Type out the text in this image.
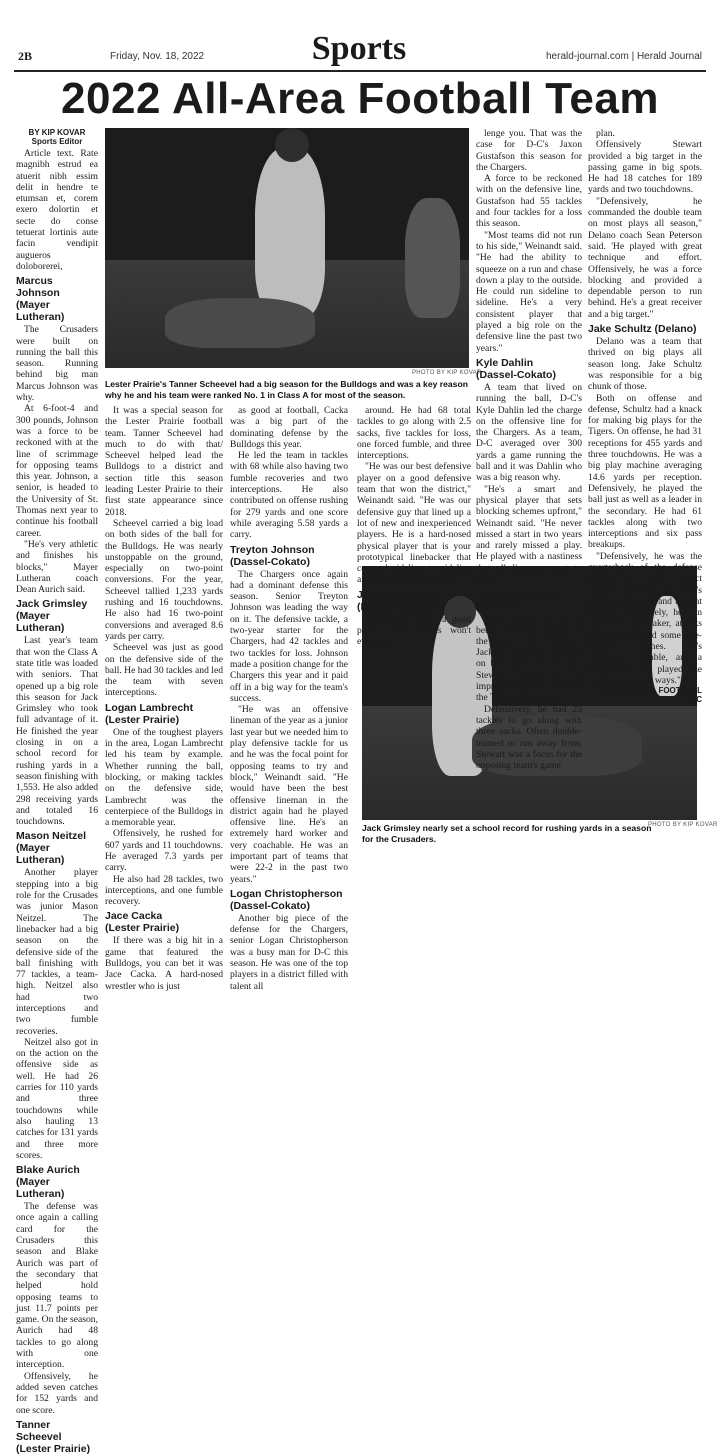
2B	Friday, Nov. 18, 2022	Sports	herald-journal.com | Herald Journal
2022 All-Area Football Team
PHOTO BY KIP KOVAR
Lester Prairie's Tanner Scheevel had a big season for the Bulldogs and was a key reason why he and his team were ranked No. 1 in Class A for most of the season.
PHOTO BY KIP KOVAR
Jack Grimsley nearly set a school record for rushing yards in a season for the Crusaders.

BY KIP KOVAR

Sports Editor

Article text. Rate magnibh estrud ea atuerit nibh essim delit in hendre te etumsan et, corem exero dolortin et secte do conse tetuerat lortinis aute facin vendipit augueros doloborerei,

Marcus Johnson
(Mayer Lutheran)

The Crusaders were built on running the ball this season. Running behind big man Marcus Johnson was why.

At 6-foot-4 and 300 pounds, Johnson was a force to be reckoned with at the line of scrimmage for opposing teams this year. Johnson, a senior, is headed to the University of St. Thomas next year to continue his football career.

"He's very athletic and finishes his blocks," Mayer Lutheran coach Dean Aurich said.

Jack Grimsley
(Mayer Lutheran)

Last year's team that won the Class A state title was loaded with seniors. That opened up a big role this season for Jack Grimsley who took full advantage of it. He finished the year closing in on a school record for rushing yards in a season finishing with 1,553. He also added 298 receiving yards and totaled 16 touchdowns.

Mason Neitzel
(Mayer Lutheran)

Another player stepping into a big role for the Crusades was junior Mason Neitzel. The linebacker had a big season on the defensive side of the ball finishing with 77 tackles, a team-high. Neitzel also had two interceptions and two fumble recoveries.

Neitzel also got in on the action on the offensive side as well. He had 26 carries for 110 yards and three touchdowns while also hauling 13 catches for 131 yards and three more scores.

Blake Aurich
(Mayer Lutheran)

The defense was once again a calling card for the Crusaders this season and Blake Aurich was part of the secondary that helped hold opposing teams to just 11.7 points per game. On the season, Aurich had 48 tackles to go along with one interception.

Offensively, he added seven catches for 152 yards and one score.

Tanner Scheevel
(Lester Prairie)

It was a special season for the Lester Prairie football team. Tanner Scheevel had much to do with that/ Scheevel helped lead the Bulldogs to a district and section title this season leading Lester Prairie to their first state appearance since 2018.

Scheevel carried a big load on both sides of the ball for the Bulldogs. He was nearly unstoppable on the ground, especially on two-point conversions. For the year, Scheevel tallied 1,233 yards rushing and 16 touchdowns. He also had 16 two-point conversions and averaged 8.6 yards per carry.

Scheevel was just as good on the defensive side of the ball. He had 30 tackles and led the team with seven interceptions.

Logan Lambrecht
(Lester Prairie)

One of the toughest players in the area, Logan Lambrecht led his team by example. Whether running the ball, blocking, or making tackles on the defensive side, Lambrecht was the centerpiece of the Bulldogs in a memorable year.

Offensively, he rushed for 607 yards and 11 touchdowns. He averaged 7.3 yards per carry.

He also had 28 tackles, two interceptions, and one fumble recovery.

Jace Cacka
(Lester Prairie)

If there was a big hit in a game that featured the Bulldogs, you can bet it was Jace Cacka. A hard-nosed wrestler who is just

as good at football, Cacka was a big part of the dominating defense by the Bulldogs this year.

He led the team in tackles with 68 while also having two fumble recoveries and two interceptions. He also contributed on offense rushing for 279 yards and one score while averaging 5.58 yards a carry.

Treyton Johnson
(Dassel-Cokato)

The Chargers once again had a dominant defense this season. Senior Treyton Johnson was leading the way on it. The defensive tackle, a two-year starter for the Chargers, had 42 tackles and two tackles for loss. Johnson made a position change for the Chargers this year and it paid off in a big way for the team's success.

"He was an offensive lineman of the year as a junior last year but we needed him to play defensive tackle for us and he was the focal point for opposing teams to try and block," Weinandt said. "He would have been the best offensive lineman in the district again had he played offensive line. He's an extremely hard worker and very coachable. He was an important part of teams that were 22-2 in the past two years."

Logan Christopherson
(Dassel-Cokato)

Another big piece of the defense for the Chargers, senior Logan Christopherson was a busy man for D-C this season. He was one of the top players in a district filled with talent all

around. He had 68 total tackles to go along with 2.5 sacks, five tackles for loss, one forced fumble, and three interceptions.

"He was our best defensive player on a good defensive team that won the district," Weinandt said. "He was our defensive guy that lined up a lot of new and inexperienced players. He is a hard-nosed physical player that is your prototypical linebacker that covered sideline to sideline and was in on most plays."

Jaxon Gustafson
(Dassel-Cokato)

You know you're a good player when teams won't even chal-

lenge you. That was the case for D-C's Jaxon Gustafson this season for the Chargers.

A force to be reckoned with on the defensive line, Gustafson had 55 tackles and four tackles for a loss this season.

"Most teams did not run to his side," Weinandt said. "He had the ability to squeeze on a run and chase down a play to the outside. He could run sideline to sideline. He's a very consistent player that played a big role on the defensive line the past two years."

Kyle Dahlin
(Dassel-Cokato)

A team that lived on running the ball, D-C's Kyle Dahlin led the charge on the offensive line for the Chargers. As a team, D-C averaged over 300 yards a game running the ball and it was Dahlin who was a big reason why.

"He's a smart and physical player that sets blocking schemes upfront," Weinandt said. "He never missed a start in two years and rarely missed a play. He played with a nastiness that all linemen want to have."

Jackson Stewart
(Delano)

There might not be a better two-way player in the area than Delano's Jackson Stewart. A force on both sides of the ball, Stewart turned in an impressive senior year for the Tigers this season.

Defensively, he had 23 tackles to go along with three sacks. Often double-teamed or run away from, Stewart was a focus for the opposing team's game

plan.

Offensively Stewart provided a big target in the passing game in big spots. He had 18 catches for 189 yards and two touchdowns.

"Defensively, he commanded the double team on most plays all season," Delano coach Sean Peterson said. 'He played with great technique and effort. Offensively, he was a force blocking and provided a dependable person to run behind. He's a great receiver and a big target."

Jake Schultz (Delano)

Delano was a team that thrived on big plays all season long. Jake Schultz was responsible for a big chunk of those.

Both on offense and defense, Schultz had a knack for making big plays for the Tigers. On offense, he had 31 receptions for 455 yards and three touchdowns. He was a big play machine averaging 14.6 yards per reception. Defensively, he played the ball just as well as a leader in the secondary. He had 61 tackles along with two interceptions and six pass breakups.

"Defensively, he was the quarterback of the defense getting us into correct checks," Petersen said. "He's highly intelligent and a great tackler. Offensively, he's an explosive playmaker, attacks the ball, and had some one-handed catches. He's consistent, reliable, and a competitor. He played the entire game both ways."

see ALL-AREA FOOTBALL 3C
